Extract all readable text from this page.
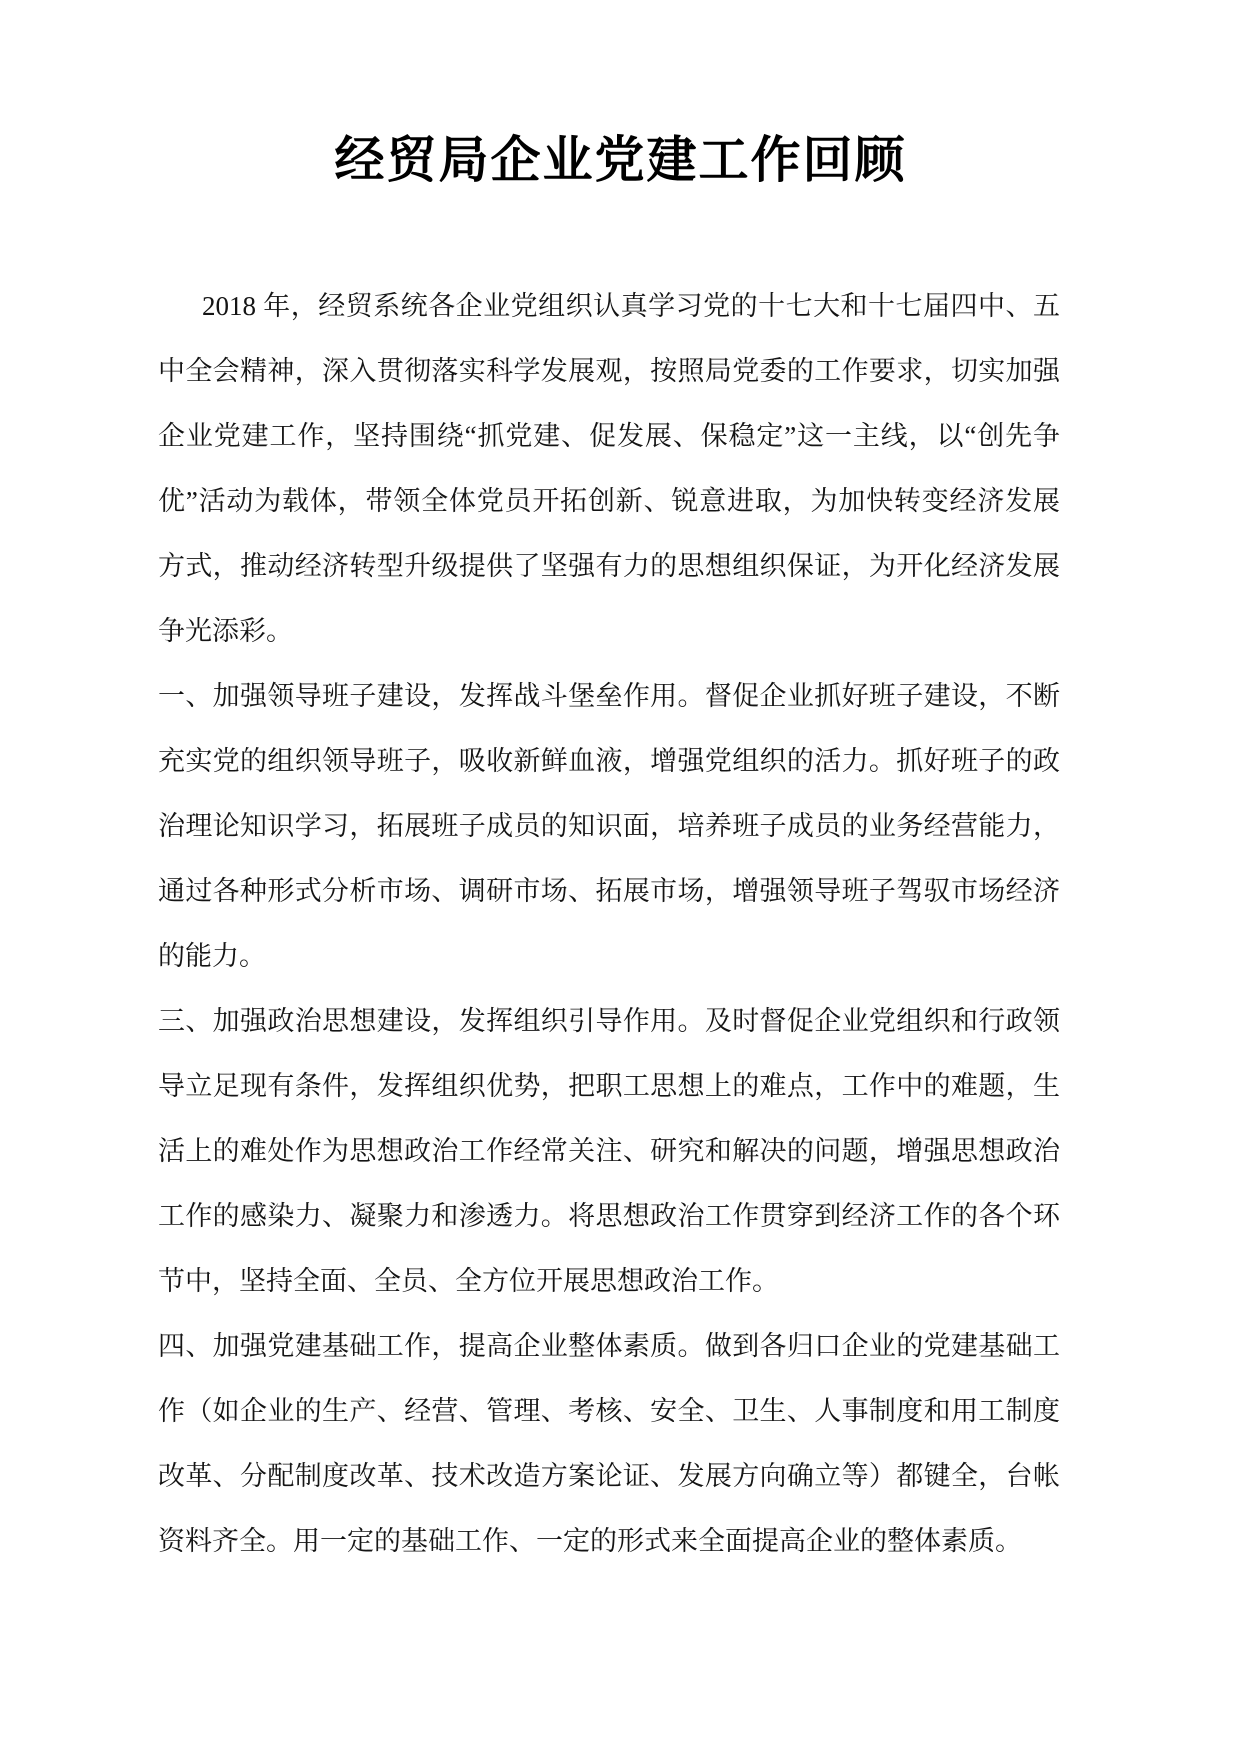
经贸局企业党建工作回顾

2018 年，经贸系统各企业党组织认真学习党的十七大和十七届四中、五中全会精神，深入贯彻落实科学发展观，按照局党委的工作要求，切实加强企业党建工作，坚持围绕“抓党建、促发展、保稳定”这一主线，以“创先争优”活动为载体，带领全体党员开拓创新、锐意进取，为加快转变经济发展方式，推动经济转型升级提供了坚强有力的思想组织保证，为开化经济发展争光添彩。

一、加强领导班子建设，发挥战斗堡垒作用。督促企业抓好班子建设，不断充实党的组织领导班子，吸收新鲜血液，增强党组织的活力。抓好班子的政治理论知识学习，拓展班子成员的知识面，培养班子成员的业务经营能力，通过各种形式分析市场、调研市场、拓展市场，增强领导班子驾驭市场经济的能力。

三、加强政治思想建设，发挥组织引导作用。及时督促企业党组织和行政领导立足现有条件，发挥组织优势，把职工思想上的难点，工作中的难题，生活上的难处作为思想政治工作经常关注、研究和解决的问题，增强思想政治工作的感染力、凝聚力和渗透力。将思想政治工作贯穿到经济工作的各个环节中，坚持全面、全员、全方位开展思想政治工作。

四、加强党建基础工作，提高企业整体素质。做到各归口企业的党建基础工作（如企业的生产、经营、管理、考核、安全、卫生、人事制度和用工制度改革、分配制度改革、技术改造方案论证、发展方向确立等）都键全，台帐资料齐全。用一定的基础工作、一定的形式来全面提高企业的整体素质。
